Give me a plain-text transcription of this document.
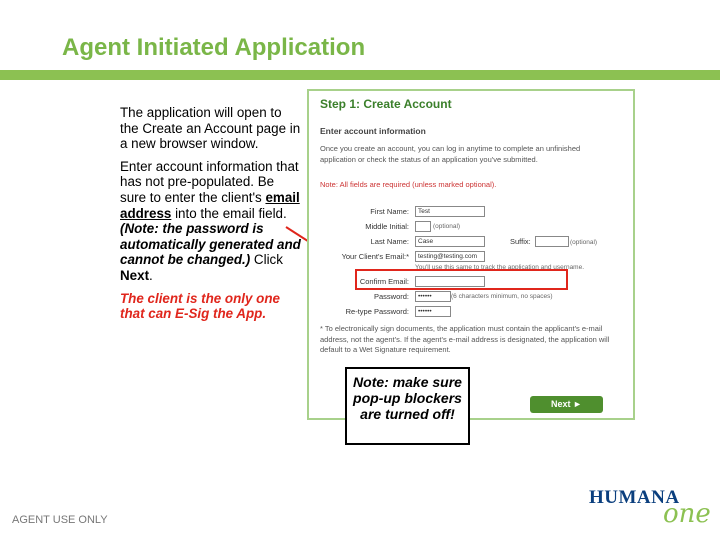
Agent Initiated Application

The application will open to the Create an Account page in a new browser window.

Enter account information that has not pre-populated. Be sure to enter the client's email address into the email field. (Note: the password is automatically generated and cannot be changed.) Click Next.

The client is the only one that can E-Sig the App.

Step 1: Create Account
Enter account information
Once you create an account, you can log in anytime to complete an unfinished application or check the status of an application you've submitted.
Note: All fields are required (unless marked optional).
First Name:	Test
Middle Initial:	(optional)
Last Name:	Case	Suffix:	(optional)
Your Client's Email:*	testing@testing.com
You'll use this same to track the application and username.
Confirm Email:
Password:	••••••	(6 characters minimum, no spaces)
Re-type Password:	••••••
* To electronically sign documents, the application must contain the applicant's e-mail address, not the agent's. If the agent's e-mail address is designated, the application will default to a Wet Signature requirement.
Next ►
Note: make sure pop-up blockers are turned off!
AGENT USE ONLY
HUMANA
one
